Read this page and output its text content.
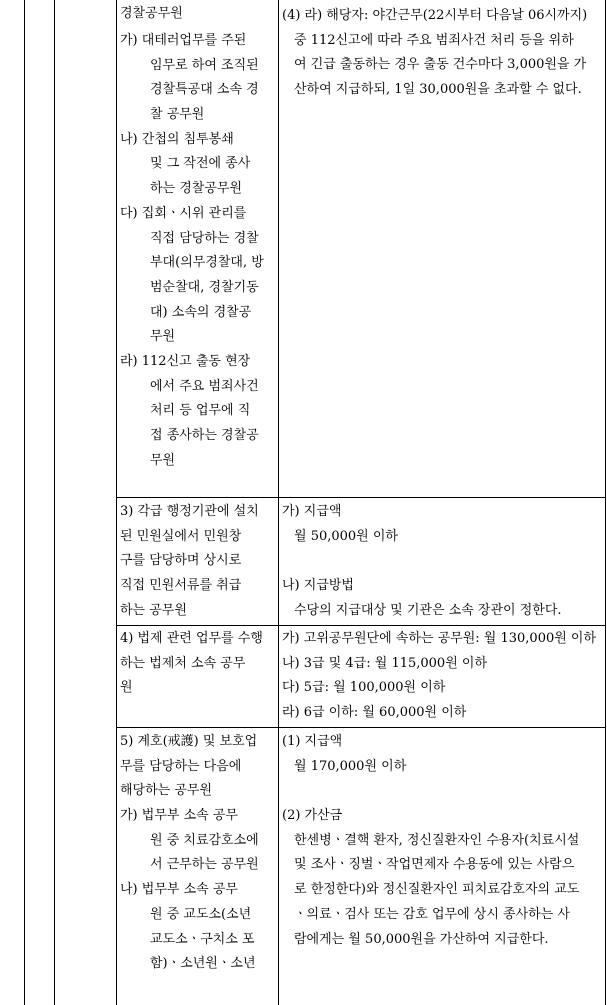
경찰공무원
가) 대테러업무를 주된
임무로 하여 조직된
경찰특공대 소속 경
찰 공무원
나) 간첩의 침투봉쇄
및 그 작전에 종사
하는 경찰공무원
다) 집회ㆍ시위 관리를
직접 담당하는 경찰
부대(의무경찰대, 방
범순찰대, 경찰기동
대) 소속의 경찰공
무원
라) 112신고 출동 현장
에서 주요 범죄사건
처리 등 업무에 직
접 종사하는 경찰공
무원
(4) 라) 해당자: 야간근무(22시부터 다음날 06시까지)
중 112신고에 따라 주요 범죄사건 처리 등을 위하
여 긴급 출동하는 경우 출동 건수마다 3,000원을 가
산하여 지급하되, 1일 30,000원을 초과할 수 없다.
3) 각급 행정기관에 설치
된 민원실에서 민원창
구를 담당하며 상시로
직접 민원서류를 취급
하는 공무원
가) 지급액
월 50,000원 이하
나) 지급방법
수당의 지급대상 및 기관은 소속 장관이 정한다.
4) 법제 관련 업무를 수행
하는 법제처 소속 공무
원
가) 고위공무원단에 속하는 공무원: 월 130,000원 이하
나) 3급 및 4급: 월 115,000원 이하
다) 5급: 월 100,000원 이하
라) 6급 이하: 월 60,000원 이하
5) 계호(戒護) 및 보호업
무를 담당하는 다음에
해당하는 공무원
가) 법무부 소속 공무
원 중 치료감호소에
서 근무하는 공무원
나) 법무부 소속 공무
원 중 교도소(소년
교도소ㆍ구치소 포
함)ㆍ소년원ㆍ소년
(1) 지급액
월 170,000원 이하
(2) 가산금
한센병ㆍ결핵 환자, 정신질환자인 수용자(치료시설
및 조사ㆍ징벌ㆍ작업면제자 수용동에 있는 사람으
로 한정한다)와 정신질환자인 피치료감호자의 교도
ㆍ의료ㆍ검사 또는 감호 업무에 상시 종사하는 사
람에게는 월 50,000원을 가산하여 지급한다.
